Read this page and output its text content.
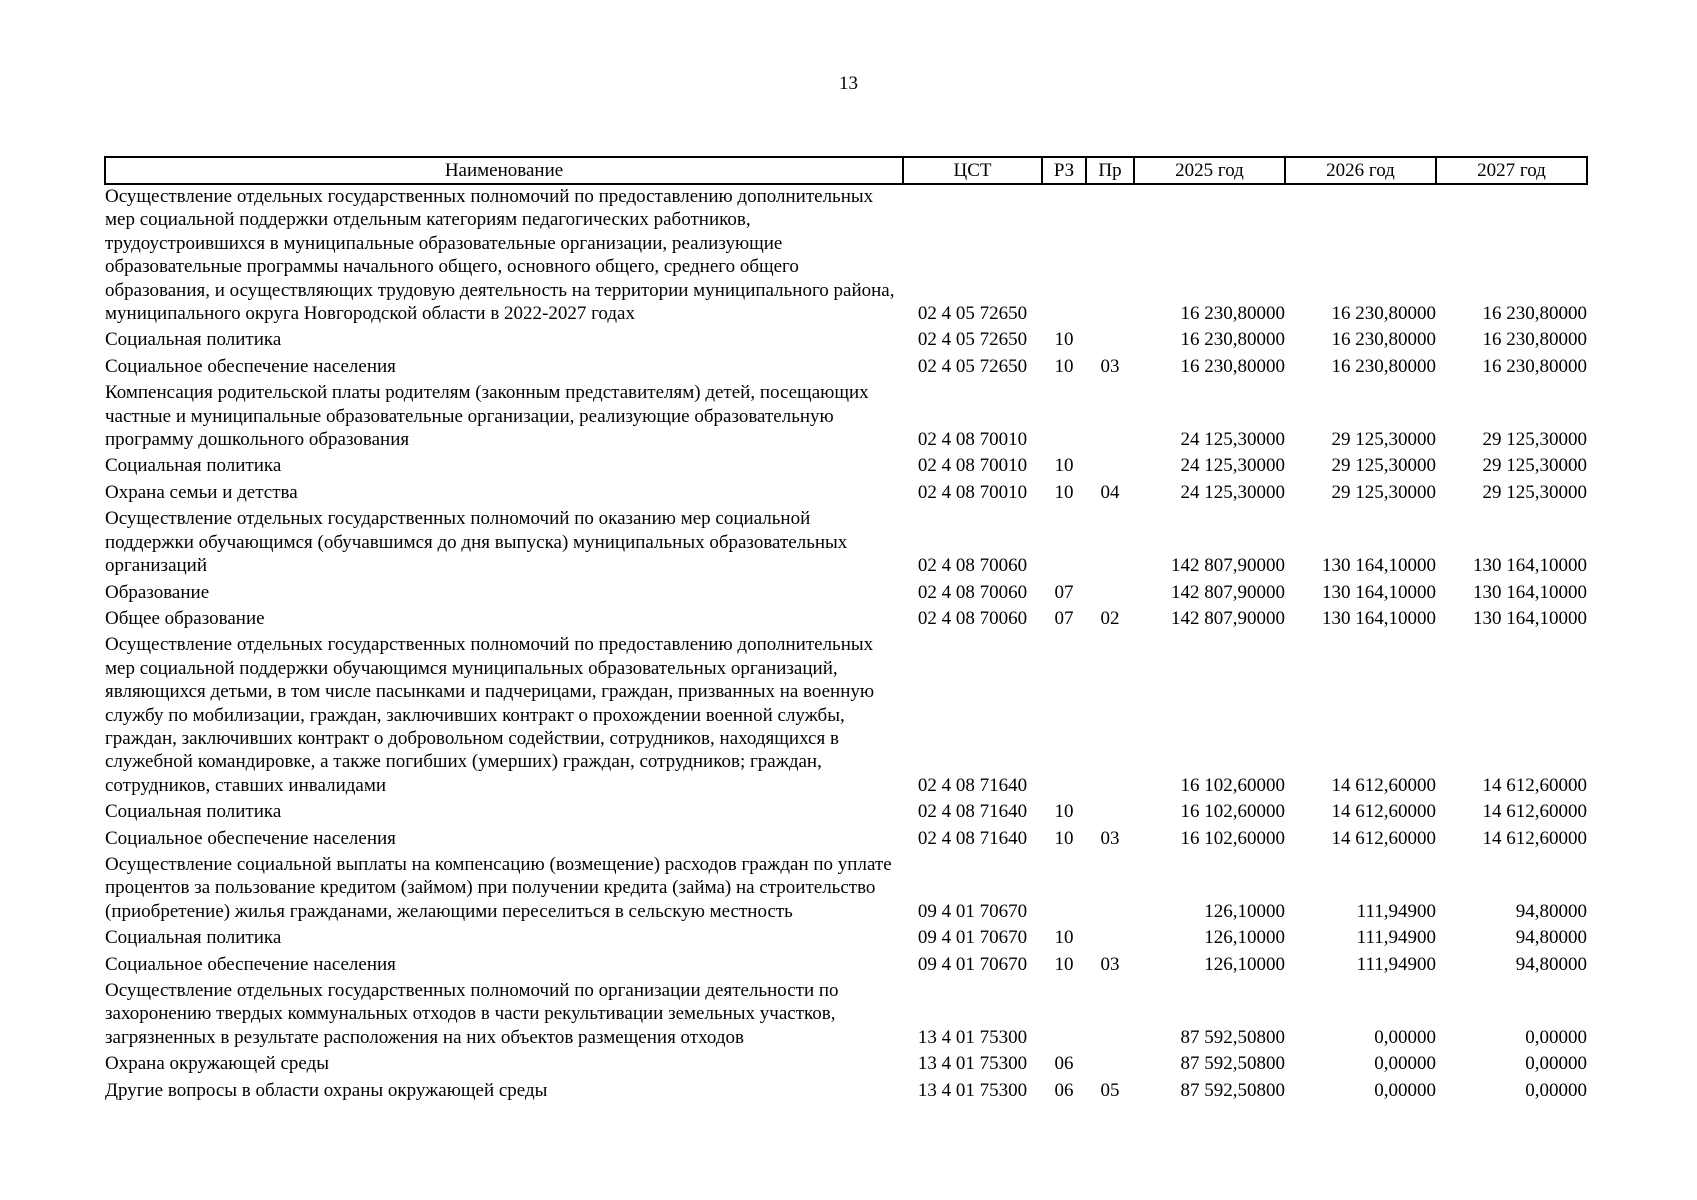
13
Наименование	ЦСТ	РЗ	Пр	2025 год	2026 год	2027 год
Осуществление отдельных государственных полномочий по предоставлению дополнительных мер социальной поддержки отдельным категориям педагогических работников, трудоустроившихся в муниципальные образовательные организации, реализующие образовательные программы начального общего, основного общего, среднего общего образования, и осуществляющих трудовую деятельность на территории муниципального района, муниципального округа Новгородской области в 2022-2027 годах	02 4 05 72650			16 230,80000	16 230,80000	16 230,80000
Социальная политика	02 4 05 72650	10		16 230,80000	16 230,80000	16 230,80000
Социальное обеспечение населения	02 4 05 72650	10	03	16 230,80000	16 230,80000	16 230,80000
Компенсация родительской платы родителям (законным представителям) детей, посещающих частные и муниципальные образовательные организации, реализующие образовательную программу дошкольного образования	02 4 08 70010			24 125,30000	29 125,30000	29 125,30000
Социальная политика	02 4 08 70010	10		24 125,30000	29 125,30000	29 125,30000
Охрана семьи и детства	02 4 08 70010	10	04	24 125,30000	29 125,30000	29 125,30000
Осуществление отдельных государственных полномочий по оказанию мер социальной поддержки обучающимся (обучавшимся до дня выпуска) муниципальных образовательных организаций	02 4 08 70060			142 807,90000	130 164,10000	130 164,10000
Образование	02 4 08 70060	07		142 807,90000	130 164,10000	130 164,10000
Общее образование	02 4 08 70060	07	02	142 807,90000	130 164,10000	130 164,10000
Осуществление отдельных государственных полномочий по предоставлению дополнительных мер социальной поддержки обучающимся муниципальных образовательных организаций, являющихся детьми, в том числе пасынками и падчерицами, граждан, призванных на военную службу по мобилизации, граждан, заключивших контракт о прохождении военной службы, граждан, заключивших контракт о добровольном содействии, сотрудников, находящихся в служебной командировке, а также погибших (умерших) граждан, сотрудников; граждан, сотрудников, ставших инвалидами	02 4 08 71640			16 102,60000	14 612,60000	14 612,60000
Социальная политика	02 4 08 71640	10		16 102,60000	14 612,60000	14 612,60000
Социальное обеспечение населения	02 4 08 71640	10	03	16 102,60000	14 612,60000	14 612,60000
Осуществление социальной выплаты на компенсацию (возмещение) расходов граждан по уплате процентов за пользование кредитом (займом) при получении кредита (займа) на строительство (приобретение) жилья гражданами, желающими переселиться в сельскую местность	09 4 01 70670			126,10000	111,94900	94,80000
Социальная политика	09 4 01 70670	10		126,10000	111,94900	94,80000
Социальное обеспечение населения	09 4 01 70670	10	03	126,10000	111,94900	94,80000
Осуществление отдельных государственных полномочий по организации деятельности по захоронению твердых коммунальных отходов в части рекультивации земельных участков, загрязненных в результате расположения на них объектов размещения отходов	13 4 01 75300			87 592,50800	0,00000	0,00000
Охрана окружающей среды	13 4 01 75300	06		87 592,50800	0,00000	0,00000
Другие вопросы в области охраны окружающей среды	13 4 01 75300	06	05	87 592,50800	0,00000	0,00000
